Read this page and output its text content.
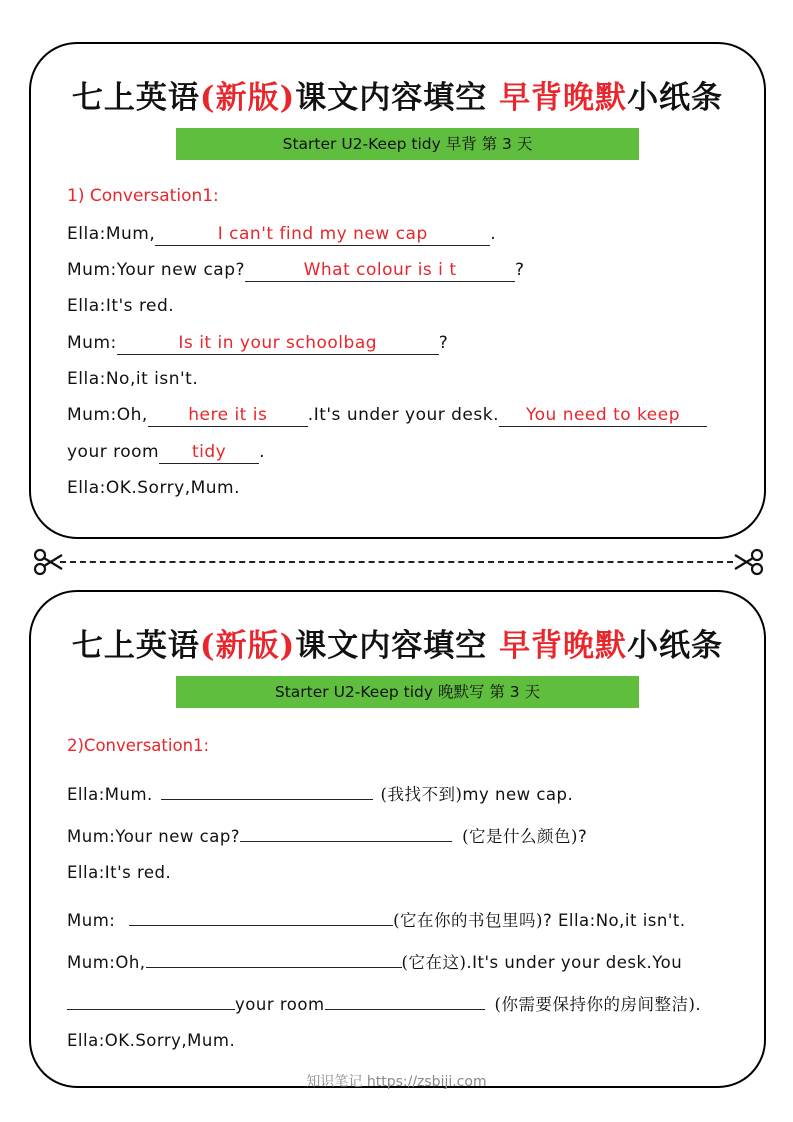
七上英语(新版)课文内容填空 早背晚默小纸条
Starter U2-Keep tidy 早背 第 3 天
1) Conversation1:
Ella:Mum,	I can't find my new cap	.
Mum:Your new cap?	What colour is i t	?
Ella:It's red.
Mum:	Is it in your schoolbag	?
Ella:No,it isn't.
Mum:Oh, here it is .It's under your desk. You need to keep
your room tidy .
Ella:OK.Sorry,Mum.
七上英语(新版)课文内容填空 早背晚默小纸条
Starter U2-Keep tidy 晚默写 第 3 天
2)Conversation1:
Ella:Mum.	(我找不到)my new cap.
Mum:Your new cap?	(它是什么颜色)?
Ella:It's red.
Mum:	(它在你的书包里吗)? Ella:No,it isn't.
Mum:Oh,	(它在这).It's under your desk.You
your room	(你需要保持你的房间整洁).
Ella:OK.Sorry,Mum.
知识笔记 https://zsbiji.com
